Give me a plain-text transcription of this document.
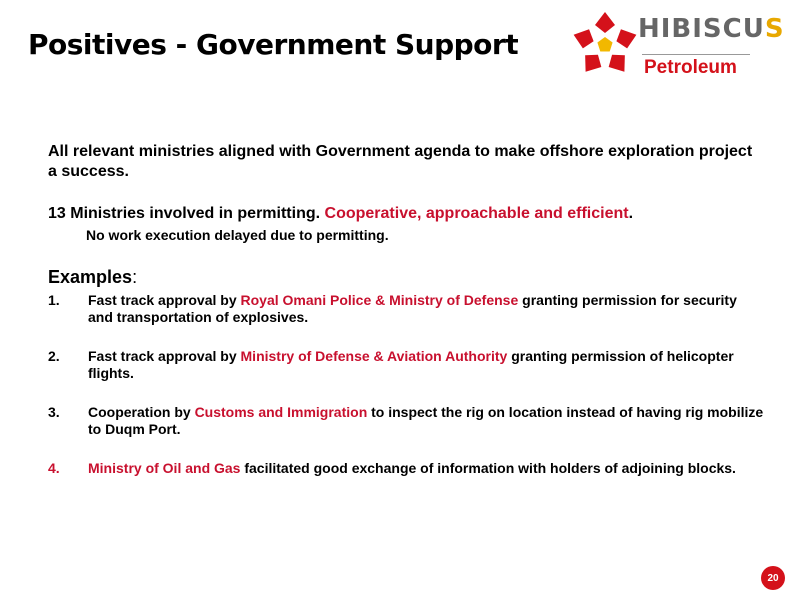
Positives - Government Support	HIBISCUS
Petroleum

All relevant ministries aligned with Government agenda to make offshore exploration project a success.

13 Ministries involved in permitting. Cooperative, approachable and efficient.

No work execution delayed due to permitting.
Examples:
1. Fast track approval by Royal Omani Police & Ministry of Defense granting permission for security and transportation of explosives.
2. Fast track approval by Ministry of Defense & Aviation Authority granting permission of helicopter flights.
3. Cooperation by Customs and Immigration to inspect the rig on location instead of having rig mobilize to Duqm Port.
4. Ministry of Oil and Gas facilitated good exchange of information with holders of adjoining blocks.
20
